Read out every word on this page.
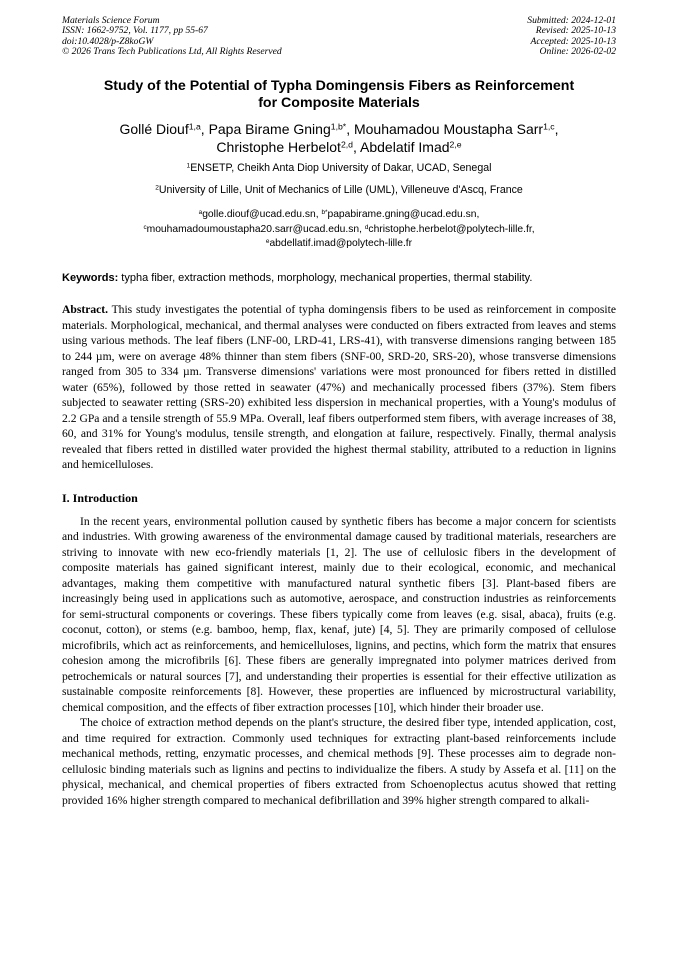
Materials Science Forum
ISSN: 1662-9752, Vol. 1177, pp 55-67
doi:10.4028/p-Z8koGW
© 2026 Trans Tech Publications Ltd, All Rights Reserved
Submitted: 2024-12-01
Revised: 2025-10-13
Accepted: 2025-10-13
Online: 2026-02-02
Study of the Potential of Typha Domingensis Fibers as Reinforcement
for Composite Materials
Gollé Diouf$^{1,a}$, Papa Birame Gning$^{1,b*}$, Mouhamadou Moustapha Sarr$^{1,c}$,
Christophe Herbelot$^{2,d}$, Abdelatif Imad$^{2,e}$
$^1$ENSETP, Cheikh Anta Diop University of Dakar, UCAD, Senegal
$^2$University of Lille, Unit of Mechanics of Lille (UML), Villeneuve d'Ascq, France
$^a$golle.diouf@ucad.edu.sn, $^{b*}$papabirame.gning@ucad.edu.sn,
$^c$mouhamadoumoustapha20.sarr@ucad.edu.sn, $^d$christophe.herbelot@polytech-lille.fr,
$^e$abdellatif.imad@polytech-lille.fr
Keywords: typha fiber, extraction methods, morphology, mechanical properties, thermal stability.
Abstract. This study investigates the potential of typha domingensis fibers to be used as reinforcement in composite materials. Morphological, mechanical, and thermal analyses were conducted on fibers extracted from leaves and stems using various methods. The leaf fibers (LNF-00, LRD-41, LRS-41), with transverse dimensions ranging between 185 to 244 µm, were on average 48% thinner than stem fibers (SNF-00, SRD-20, SRS-20), whose transverse dimensions ranged from 305 to 334 µm. Transverse dimensions' variations were most pronounced for fibers retted in distilled water (65%), followed by those retted in seawater (47%) and mechanically processed fibers (37%). Stem fibers subjected to seawater retting (SRS-20) exhibited less dispersion in mechanical properties, with a Young's modulus of 2.2 GPa and a tensile strength of 55.9 MPa. Overall, leaf fibers outperformed stem fibers, with average increases of 38, 60, and 31% for Young's modulus, tensile strength, and elongation at failure, respectively. Finally, thermal analysis revealed that fibers retted in distilled water provided the highest thermal stability, attributed to a reduction in lignins and hemicelluloses.
I. Introduction

In the recent years, environmental pollution caused by synthetic fibers has become a major concern for scientists and industries. With growing awareness of the environmental damage caused by traditional materials, researchers are striving to innovate with new eco-friendly materials [1, 2]. The use of cellulosic fibers in the development of composite materials has gained significant interest, mainly due to their ecological, economic, and mechanical advantages, making them competitive with manufactured natural synthetic fibers [3]. Plant-based fibers are increasingly being used in applications such as automotive, aerospace, and construction industries as reinforcements for semi-structural components or coverings. These fibers typically come from leaves (e.g. sisal, abaca), fruits (e.g. coconut, cotton), or stems (e.g. bamboo, hemp, flax, kenaf, jute) [4, 5]. They are primarily composed of cellulose microfibrils, which act as reinforcements, and hemicelluloses, lignins, and pectins, which form the matrix that ensures cohesion among the microfibrils [6]. These fibers are generally impregnated into polymer matrices derived from petrochemicals or natural sources [7], and understanding their properties is essential for their effective utilization as sustainable composite reinforcements [8]. However, these properties are influenced by microstructural variability, chemical composition, and the effects of fiber extraction processes [10], which hinder their broader use.

The choice of extraction method depends on the plant's structure, the desired fiber type, intended application, cost, and time required for extraction. Commonly used techniques for extracting plant-based reinforcements include mechanical methods, retting, enzymatic processes, and chemical methods [9]. These processes aim to degrade non-cellulosic binding materials such as lignins and pectins to individualize the fibers. A study by Assefa et al. [11] on the physical, mechanical, and chemical properties of fibers extracted from Schoenoplectus acutus showed that retting provided 16% higher strength compared to mechanical defibrillation and 39% higher strength compared to alkali-
